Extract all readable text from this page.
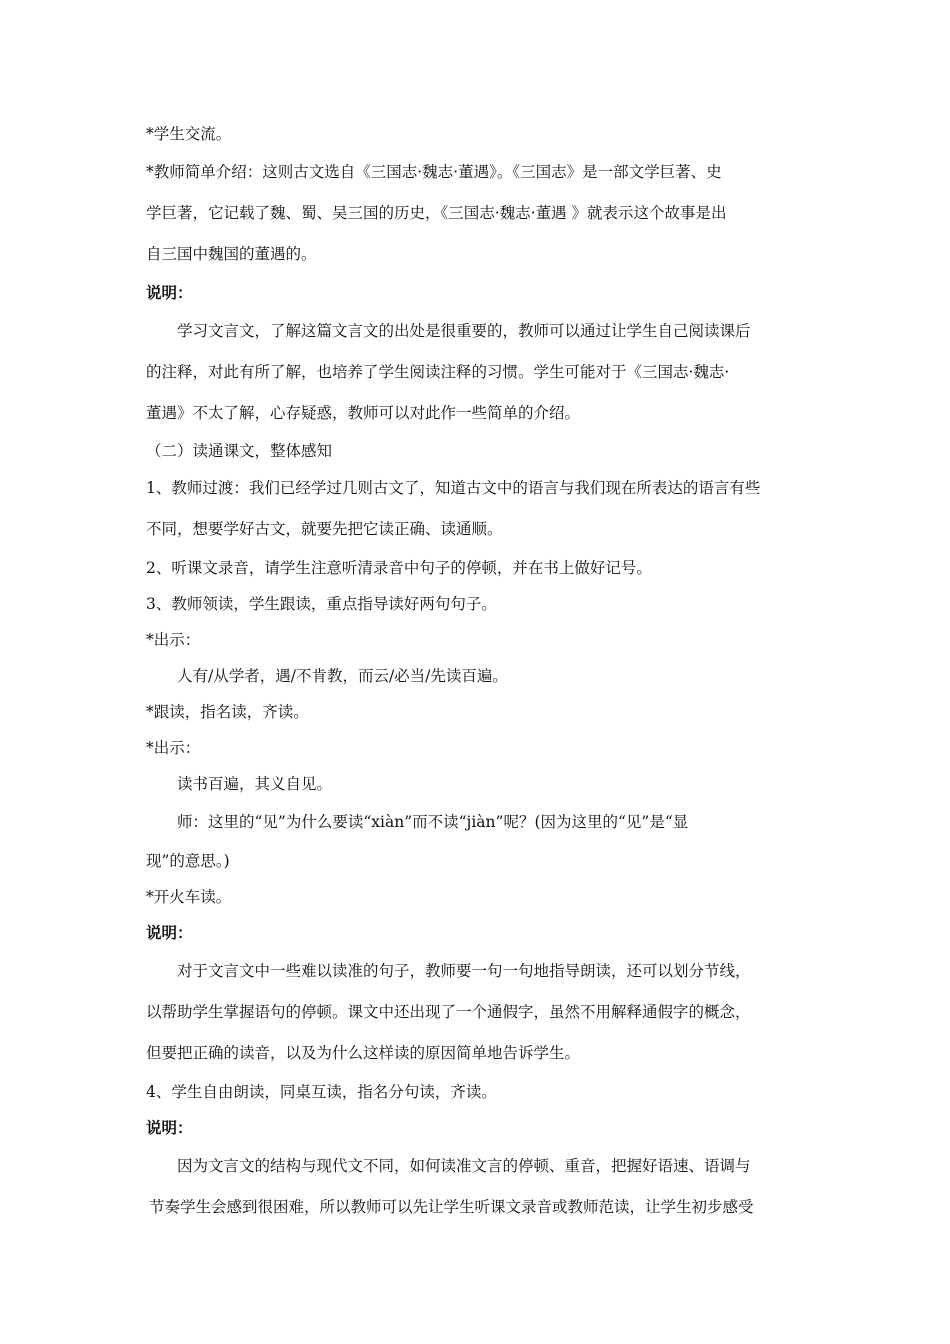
*学生交流。
*教师简单介绍：这则古文选自《三国志·魏志·董遇》。《三国志》是一部文学巨著、史
学巨著，它记载了魏、蜀、吴三国的历史，《三国志·魏志·董遇 》就表示这个故事是出
自三国中魏国的董遇的。
说明：
学习文言文，了解这篇文言文的出处是很重要的，教师可以通过让学生自己阅读课后
的注释，对此有所了解，也培养了学生阅读注释的习惯。学生可能对于《三国志·魏志·
董遇》不太了解，心存疑惑，教师可以对此作一些简单的介绍。
（二）读通课文，整体感知
1、教师过渡：我们已经学过几则古文了，知道古文中的语言与我们现在所表达的语言有些
不同，想要学好古文，就要先把它读正确、读通顺。
2、听课文录音，请学生注意听清录音中句子的停顿，并在书上做好记号。
3、教师领读，学生跟读，重点指导读好两句句子。
*出示：
人有/从学者，遇/不肯教，而云/必当/先读百遍。
*跟读，指名读，齐读。
*出示：
读书百遍，其义自见。
师：这里的“见”为什么要读“xiàn”而不读“jiàn”呢？(因为这里的“见”是“显
现”的意思。)
*开火车读。
说明：
对于文言文中一些难以读准的句子，教师要一句一句地指导朗读，还可以划分节线，
以帮助学生掌握语句的停顿。课文中还出现了一个通假字，虽然不用解释通假字的概念，
但要把正确的读音，以及为什么这样读的原因简单地告诉学生。
4、学生自由朗读，同桌互读，指名分句读，齐读。
说明：
因为文言文的结构与现代文不同，如何读准文言的停顿、重音，把握好语速、语调与
节奏学生会感到很困难，所以教师可以先让学生听课文录音或教师范读，让学生初步感受
